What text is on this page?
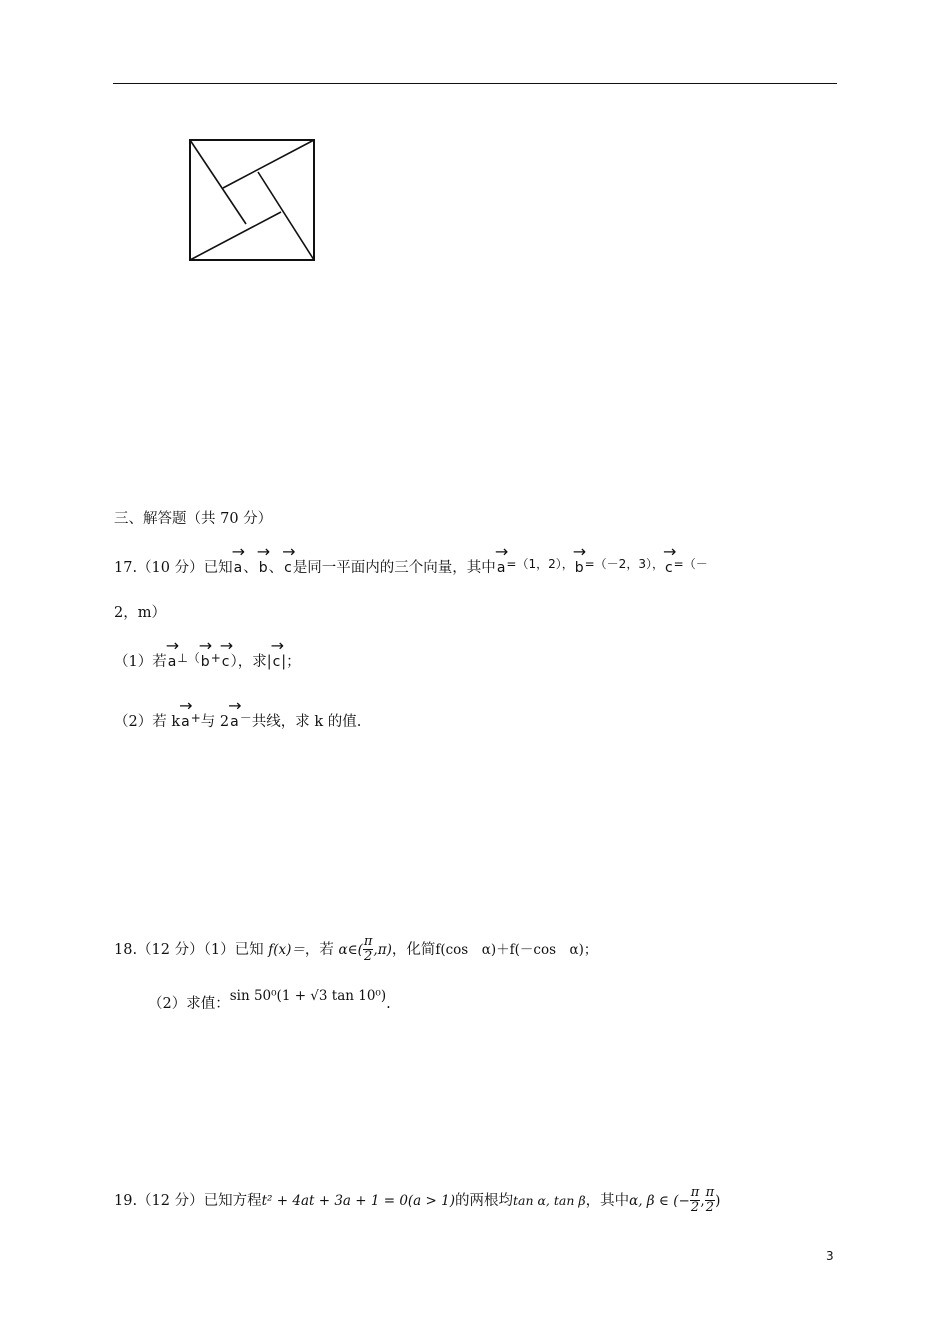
三、解答题（共 70 分）
17.（10 分）已知→ a、→ b、→ c是同一平面内的三个向量，其中→ $a^{=(1,2),}\to b^{=(-2,3),}\to c^{=(-}$
2，m）
（1）若→ a⊥（→ b+→ c），求|→ c|；
（2）若 k→ a+与 2→ a－共线，求 k 的值.
18.（12 分）（1）已知 f(x)＝，若 α∈( $\frac{\pi}{2} ,\pi$)，化简f(cos　α)＋f(－cos　α)；
（2）求值：sin 50⁰(1 + √3 tan 10⁰).
19.（12 分）已知方程t² + 4at + 3a + 1 = 0(a > 1)的两根均tan α, tan β，其中α, β ∈ (− $\frac{\pi}{2}$ , $\frac{\pi}{2}$ )
3
